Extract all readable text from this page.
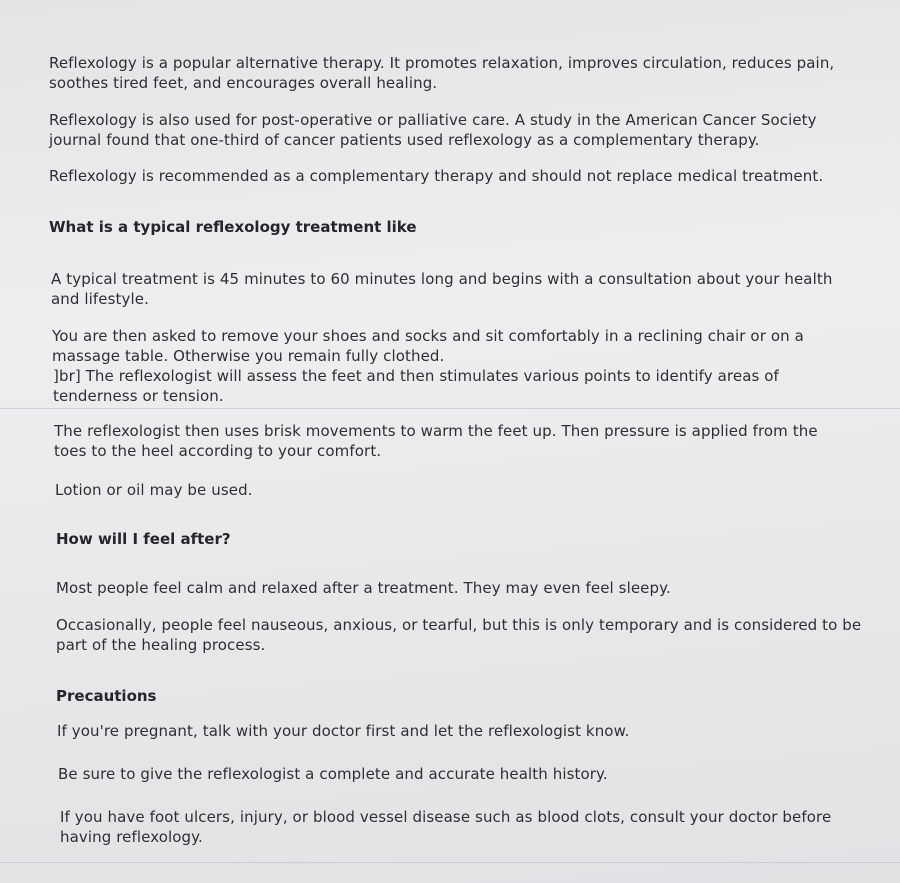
Reflexology is a popular alternative therapy. It promotes relaxation, improves circulation, reduces pain, soothes tired feet, and encourages overall healing.

Reflexology is also used for post-operative or palliative care. A study in the American Cancer Society journal found that one-third of cancer patients used reflexology as a complementary therapy.

Reflexology is recommended as a complementary therapy and should not replace medical treatment.

What is a typical reflexology treatment like

A typical treatment is 45 minutes to 60 minutes long and begins with a consultation about your health and lifestyle.

You are then asked to remove your shoes and socks and sit comfortably in a reclining chair or on a massage table. Otherwise you remain fully clothed.

]br] The reflexologist will assess the feet and then stimulates various points to identify areas of tenderness or tension.

The reflexologist then uses brisk movements to warm the feet up. Then pressure is applied from the toes to the heel according to your comfort.

Lotion or oil may be used.

How will I feel after?

Most people feel calm and relaxed after a treatment. They may even feel sleepy.

Occasionally, people feel nauseous, anxious, or tearful, but this is only temporary and is considered to be part of the healing process.

Precautions

If you're pregnant, talk with your doctor first and let the reflexologist know.

Be sure to give the reflexologist a complete and accurate health history.

If you have foot ulcers, injury, or blood vessel disease such as blood clots, consult your doctor before having reflexology.
